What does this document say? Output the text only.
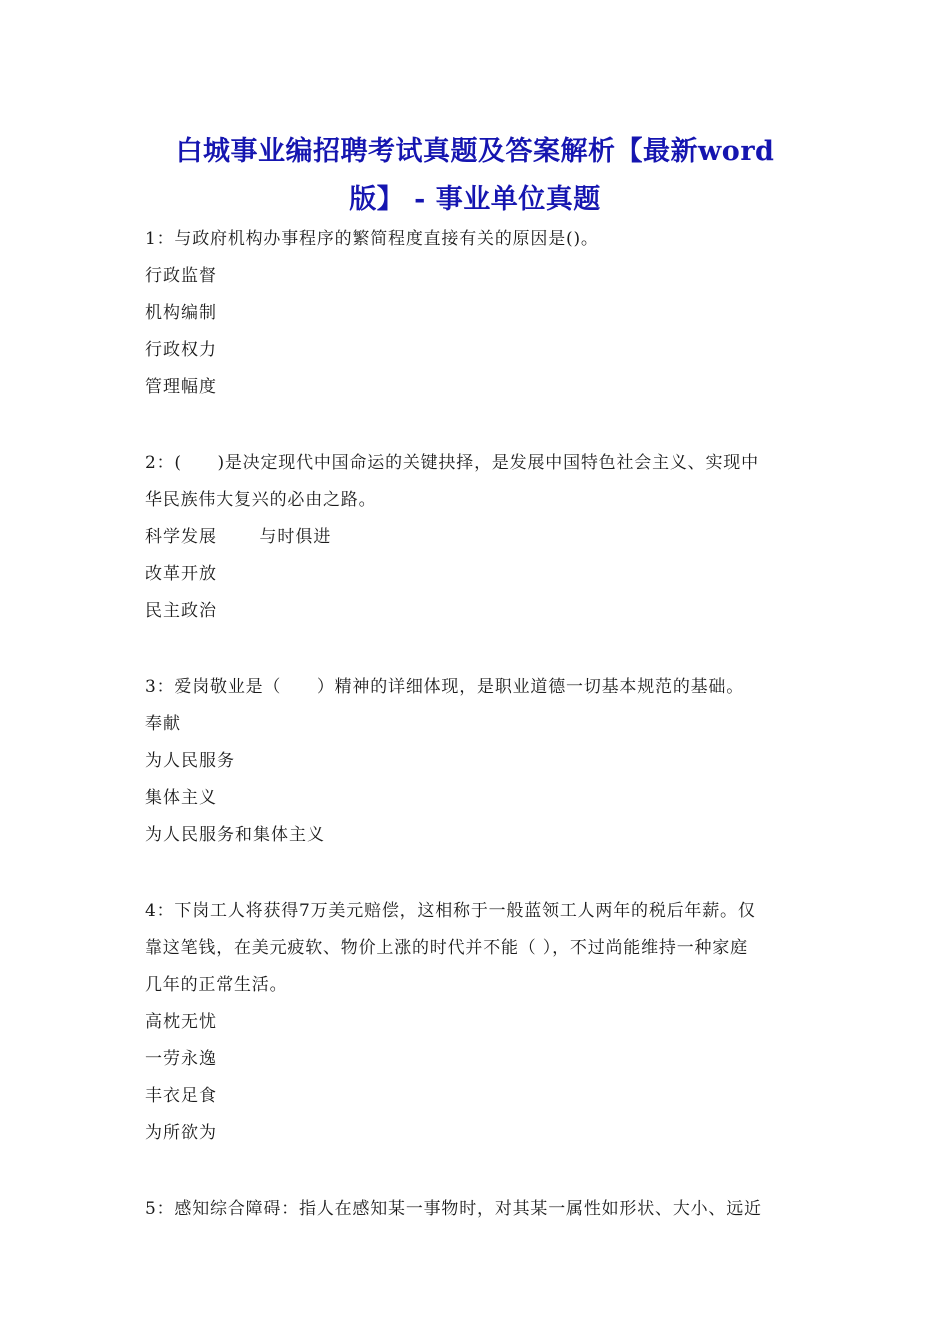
白城事业编招聘考试真题及答案解析【最新word
版】 - 事业单位真题

1：与政府机构办事程序的繁简程度直接有关的原因是()。

行政监督

机构编制

行政权力

管理幅度

2：(　　)是决定现代中国命运的关键抉择，是发展中国特色社会主义、实现中
华民族伟大复兴的必由之路。

科学发展　　 与时俱进

改革开放

民主政治

3：爱岗敬业是（　　）精神的详细体现，是职业道德一切基本规范的基础。

奉献

为人民服务

集体主义

为人民服务和集体主义

4：下岗工人将获得7万美元赔偿，这相称于一般蓝领工人两年的税后年薪。仅
靠这笔钱，在美元疲软、物价上涨的时代并不能（ ），不过尚能维持一种家庭
几年的正常生活。

高枕无忧

一劳永逸

丰衣足食

为所欲为

5：感知综合障碍：指人在感知某一事物时，对其某一属性如形状、大小、远近
